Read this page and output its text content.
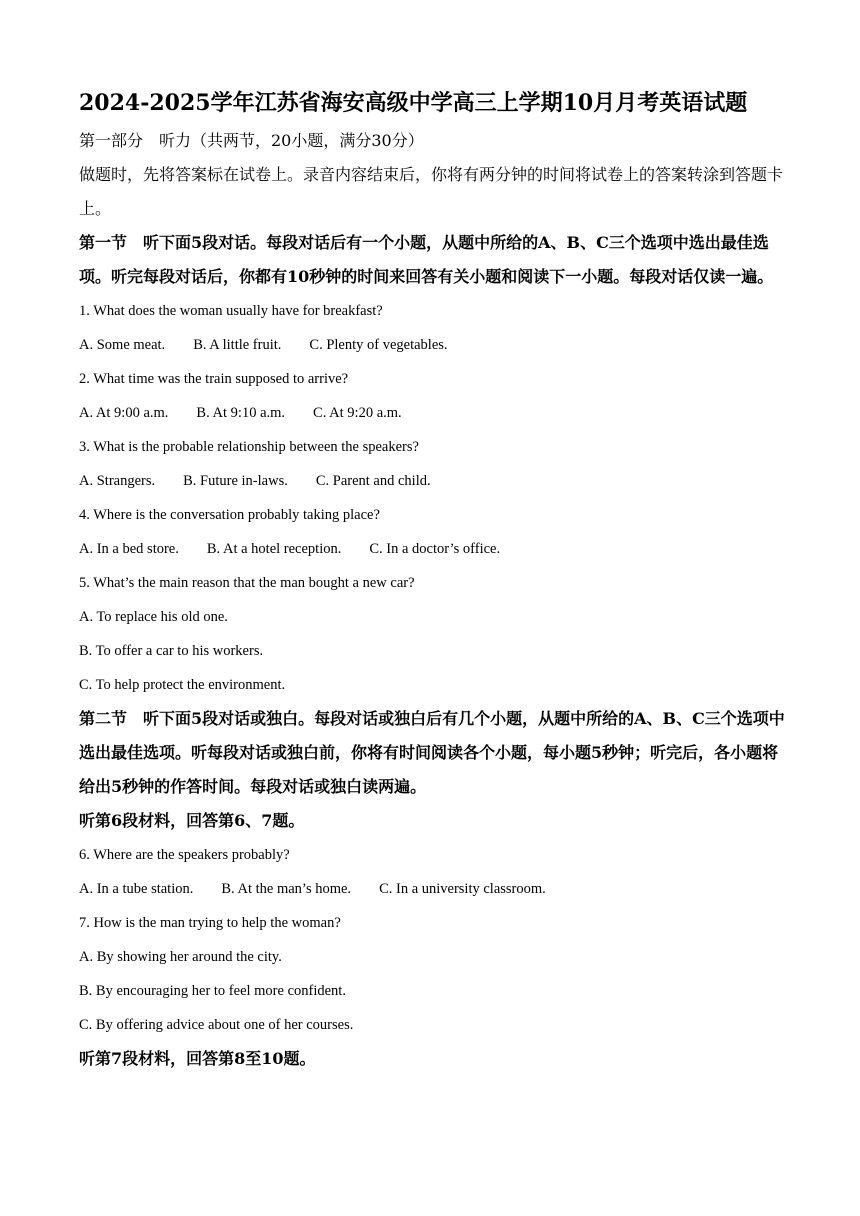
2024-2025学年江苏省海安高级中学高三上学期10月月考英语试题

第一部分　听力（共两节，20小题，满分30分）

做题时，先将答案标在试卷上。录音内容结束后，你将有两分钟的时间将试卷上的答案转涂到答题卡上。

第一节　听下面5段对话。每段对话后有一个小题，从题中所给的A、B、C三个选项中选出最佳选项。听完每段对话后，你都有10秒钟的时间来回答有关小题和阅读下一小题。每段对话仅读一遍。

1. What does the woman usually have for breakfast?

A. Some meat. B. A little fruit. C. Plenty of vegetables.

2. What time was the train supposed to arrive?

A. At 9:00 a.m. B. At 9:10 a.m. C. At 9:20 a.m.

3. What is the probable relationship between the speakers?

A. Strangers. B. Future in-laws. C. Parent and child.

4. Where is the conversation probably taking place?

A. In a bed store. B. At a hotel reception. C. In a doctor’s office.

5. What’s the main reason that the man bought a new car?

A. To replace his old one.

B. To offer a car to his workers.

C. To help protect the environment.

第二节　听下面5段对话或独白。每段对话或独白后有几个小题，从题中所给的A、B、C三个选项中选出最佳选项。听每段对话或独白前，你将有时间阅读各个小题，每小题5秒钟；听完后，各小题将给出5秒钟的作答时间。每段对话或独白读两遍。

听第6段材料，回答第6、7题。

6. Where are the speakers probably?

A. In a tube station. B. At the man’s home. C. In a university classroom.

7. How is the man trying to help the woman?

A. By showing her around the city.

B. By encouraging her to feel more confident.

C. By offering advice about one of her courses.

听第7段材料，回答第8至10题。
